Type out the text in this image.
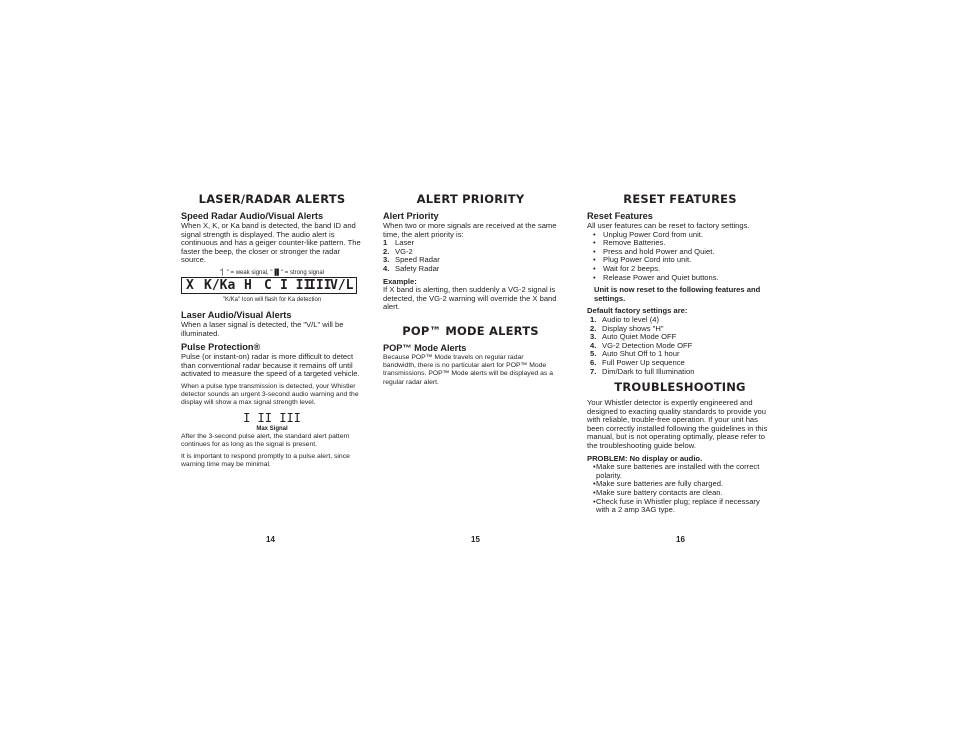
LASER/RADAR ALERTS
Speed Radar Audio/Visual Alerts

When X, K, or Ka band is detected, the band ID and signal strength is displayed. The audio alert is continuous and has a geiger counter-like pattern. The faster the beep, the closer or stronger the radar source.

"▏" = weak signal, "▐▌" = strong signal

X K/Ka H C I II
III
V/L

"K/Ka" Icon will flash for Ka detection

Laser Audio/Visual Alerts

When a laser signal is detected, the "V/L" will be illuminated.

Pulse Protection®

Pulse (or instant-on) radar is more difficult to detect than conventional radar because it remains off until activated to measure the speed of a targeted vehicle.

When a pulse type transmission is detected, your Whistler detector sounds an urgent 3-second audio warning and the display will show a max signal strength level.

I II III

Max Signal

After the 3-second pulse alert, the standard alert pattern continues for as long as the signal is present.

It is important to respond promptly to a pulse alert, since warning time may be minimal.

ALERT PRIORITY
Alert Priority

When two or more signals are received at the same time, the alert priority is:

1 Laser
2. VG-2
3. Speed Radar
4. Safety Radar

Example:

If X band is alerting, then suddenly a VG-2 signal is detected, the VG-2 warning will override the X band alert.

POP™ MODE ALERTS
POP™ Mode Alerts

Because POP™ Mode travels on regular radar bandwidth, there is no particular alert for POP™ Mode transmissions. POP™ Mode alerts will be displayed as a regular radar alert.

RESET FEATURES
Reset Features

All user features can be reset to factory settings.

• Unplug Power Cord from unit.
• Remove Batteries.
• Press and hold Power and Quiet.
• Plug Power Cord into unit.
• Wait for 2 beeps.
• Release Power and Quiet buttons.

Unit is now reset to the following features and settings.

Default factory settings are:

1. Audio to level (4)
2. Display shows "H"
3. Auto Quiet Mode OFF
4. VG-2 Detection Mode OFF
5. Auto Shut Off to 1 hour
6. Full Power Up sequence
7. Dim/Dark to full Illumination
TROUBLESHOOTING

Your Whistler detector is expertly engineered and designed to exacting quality standards to provide you with reliable, trouble-free operation. If your unit has been correctly installed following the guidelines in this manual, but is not operating optimally, please refer to the troubleshooting guide below.

PROBLEM: No display or audio.

• Make sure batteries are installed with the correct polarity.
• Make sure batteries are fully charged.
• Make sure battery contacts are clean.
• Check fuse in Whistler plug; replace if necessary with a 2 amp 3AG type.
14	15	16
